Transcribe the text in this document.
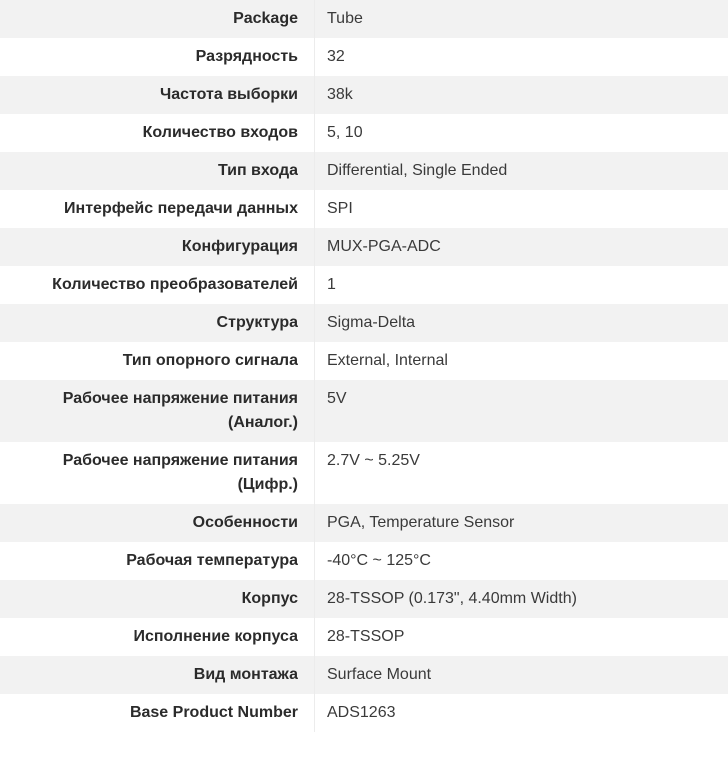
Package		Tube
Разрядность		32
Частота выборки		38k
Количество входов		5, 10
Тип входа		Differential, Single Ended
Интерфейс передачи данных		SPI
Конфигурация		MUX-PGA-ADC
Количество преобразователей		1
Структура		Sigma-Delta
Тип опорного сигнала		External, Internal
Рабочее напряжение питания (Аналог.)		5V
Рабочее напряжение питания (Цифр.)		2.7V ~ 5.25V
Особенности		PGA, Temperature Sensor
Рабочая температура		-40°C ~ 125°C
Корпус		28-TSSOP (0.173", 4.40mm Width)
Исполнение корпуса		28-TSSOP
Вид монтажа		Surface Mount
Base Product Number		ADS1263
